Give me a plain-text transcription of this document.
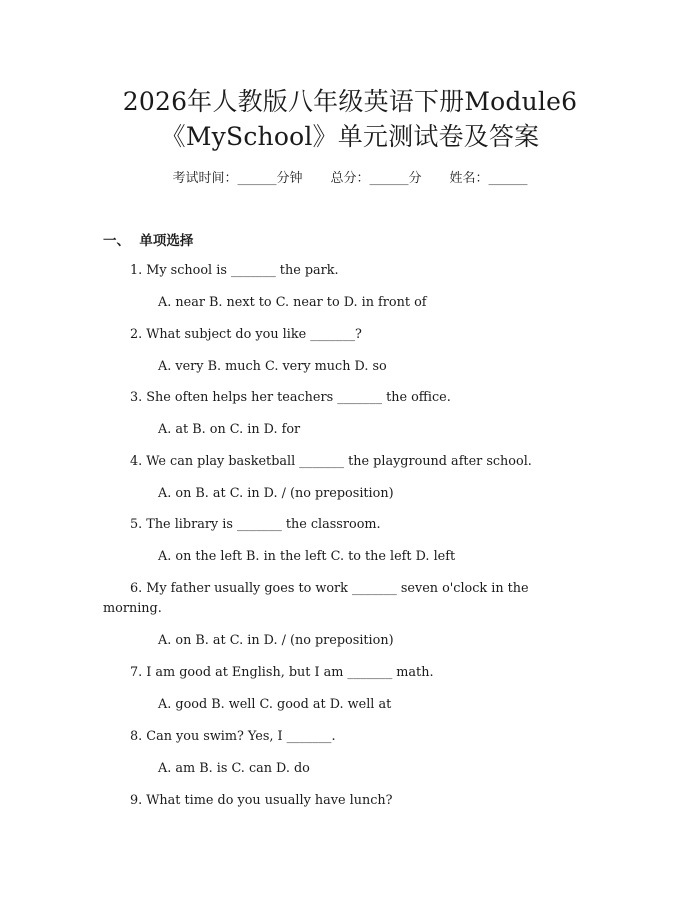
2026年人教版八年级英语下册Module6
《MySchool》单元测试卷及答案
考试时间：______分钟 总分：______分 姓名：______
一、  单项选择
1. My school is _______ the park.
A. near B. next to C. near to D. in front of
2. What subject do you like _______?
A. very B. much C. very much D. so
3. She often helps her teachers _______ the office.
A. at B. on C. in D. for
4. We can play basketball _______ the playground after school.
A. on B. at C. in D. / (no preposition)
5. The library is _______ the classroom.
A. on the left B. in the left C. to the left D. left
6. My father usually goes to work _______ seven o'clock in the morning.
A. on B. at C. in D. / (no preposition)
7. I am good at English, but I am _______ math.
A. good B. well C. good at D. well at
8. Can you swim? Yes, I _______.
A. am B. is C. can D. do
9. What time do you usually have lunch?
